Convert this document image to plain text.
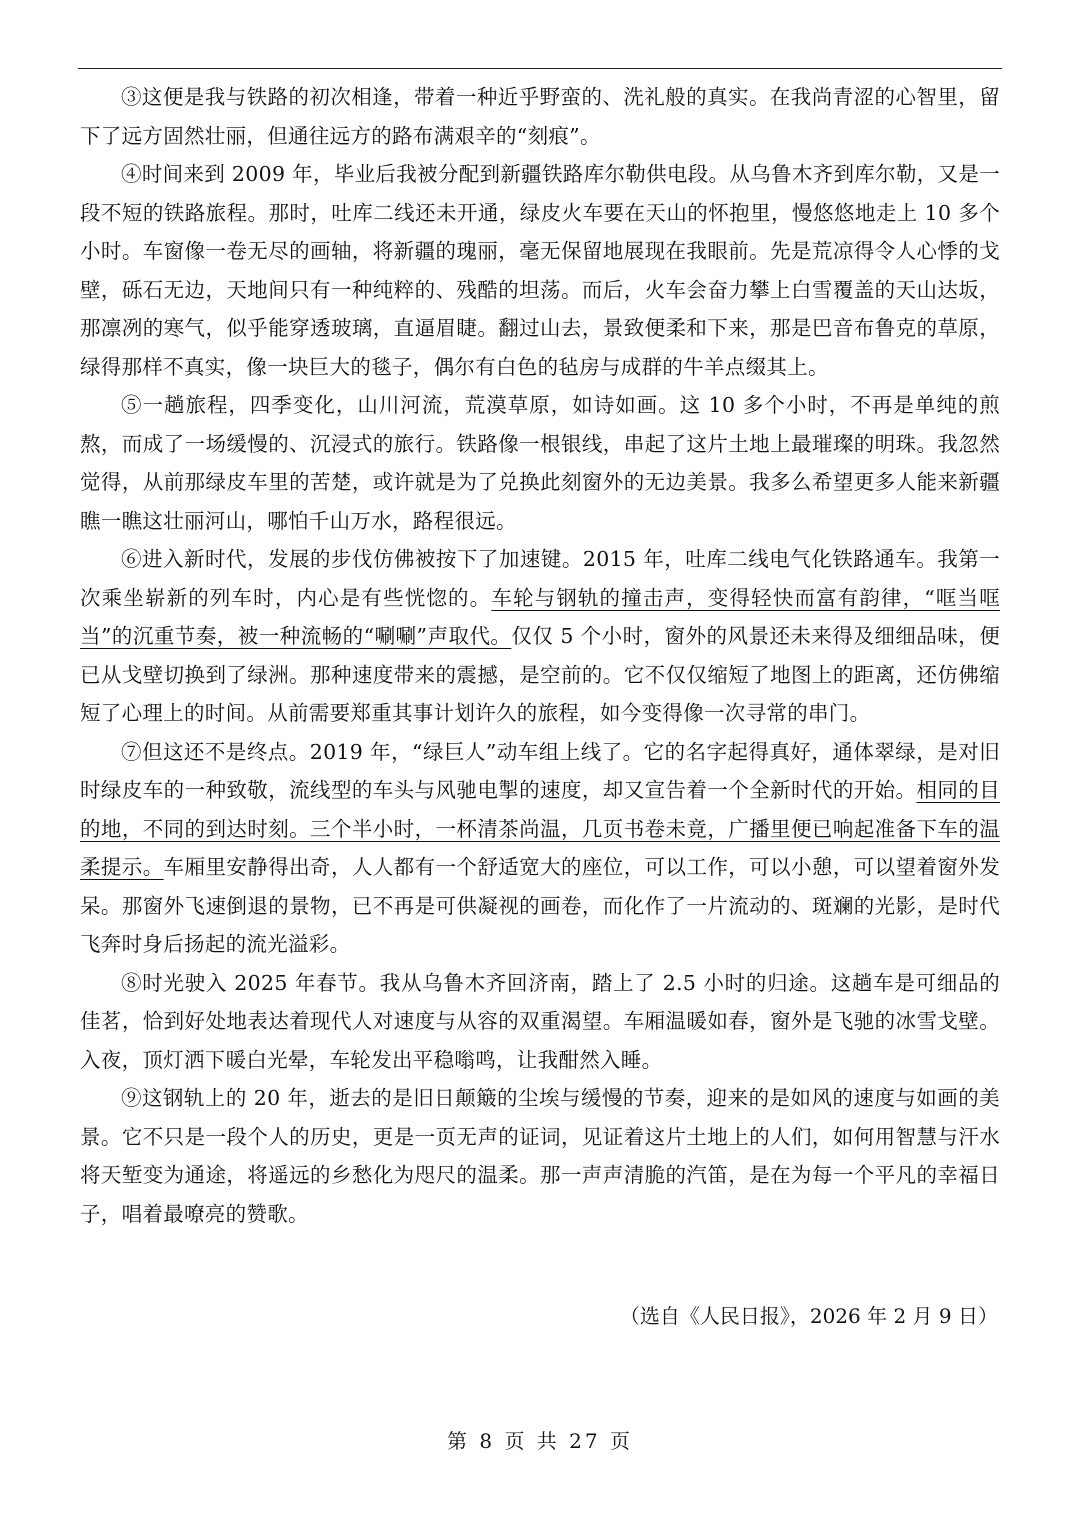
③这便是我与铁路的初次相逢，带着一种近乎野蛮的、洗礼般的真实。在我尚青涩的心智里，留下了远方固然壮丽，但通往远方的路布满艰辛的“刻痕”。

④时间来到 2009 年，毕业后我被分配到新疆铁路库尔勒供电段。从乌鲁木齐到库尔勒，又是一段不短的铁路旅程。那时，吐库二线还未开通，绿皮火车要在天山的怀抱里，慢悠悠地走上 10 多个小时。车窗像一卷无尽的画轴，将新疆的瑰丽，毫无保留地展现在我眼前。先是荒凉得令人心悸的戈壁，砾石无边，天地间只有一种纯粹的、残酷的坦荡。而后，火车会奋力攀上白雪覆盖的天山达坂，那凛冽的寒气，似乎能穿透玻璃，直逼眉睫。翻过山去，景致便柔和下来，那是巴音布鲁克的草原，绿得那样不真实，像一块巨大的毯子，偶尔有白色的毡房与成群的牛羊点缀其上。

⑤一趟旅程，四季变化，山川河流，荒漠草原，如诗如画。这 10 多个小时，不再是单纯的煎熬，而成了一场缓慢的、沉浸式的旅行。铁路像一根银线，串起了这片土地上最璀璨的明珠。我忽然觉得，从前那绿皮车里的苦楚，或许就是为了兑换此刻窗外的无边美景。我多么希望更多人能来新疆瞧一瞧这壮丽河山，哪怕千山万水，路程很远。

⑥进入新时代，发展的步伐仿佛被按下了加速键。2015 年，吐库二线电气化铁路通车。我第一次乘坐崭新的列车时，内心是有些恍惚的。车轮与钢轨的撞击声，变得轻快而富有韵律，“哐当哐当”的沉重节奏，被一种流畅的“唰唰”声取代。仅仅 5 个小时，窗外的风景还未来得及细细品味，便已从戈壁切换到了绿洲。那种速度带来的震撼，是空前的。它不仅仅缩短了地图上的距离，还仿佛缩短了心理上的时间。从前需要郑重其事计划许久的旅程，如今变得像一次寻常的串门。

⑦但这还不是终点。2019 年，“绿巨人”动车组上线了。它的名字起得真好，通体翠绿，是对旧时绿皮车的一种致敬，流线型的车头与风驰电掣的速度，却又宣告着一个全新时代的开始。相同的目的地，不同的到达时刻。三个半小时，一杯清茶尚温，几页书卷未竟，广播里便已响起准备下车的温柔提示。车厢里安静得出奇，人人都有一个舒适宽大的座位，可以工作，可以小憩，可以望着窗外发呆。那窗外飞速倒退的景物，已不再是可供凝视的画卷，而化作了一片流动的、斑斓的光影，是时代飞奔时身后扬起的流光溢彩。

⑧时光驶入 2025 年春节。我从乌鲁木齐回济南，踏上了 2.5 小时的归途。这趟车是可细品的佳茗，恰到好处地表达着现代人对速度与从容的双重渴望。车厢温暖如春，窗外是飞驰的冰雪戈壁。入夜，顶灯洒下暖白光晕，车轮发出平稳嗡鸣，让我酣然入睡。

⑨这钢轨上的 20 年，逝去的是旧日颠簸的尘埃与缓慢的节奏，迎来的是如风的速度与如画的美景。它不只是一段个人的历史，更是一页无声的证词，见证着这片土地上的人们，如何用智慧与汗水将天堑变为通途，将遥远的乡愁化为咫尺的温柔。那一声声清脆的汽笛，是在为每一个平凡的幸福日子，唱着最嘹亮的赞歌。

（选自《人民日报》，2026 年 2 月 9 日）

第 8 页 共 27 页
